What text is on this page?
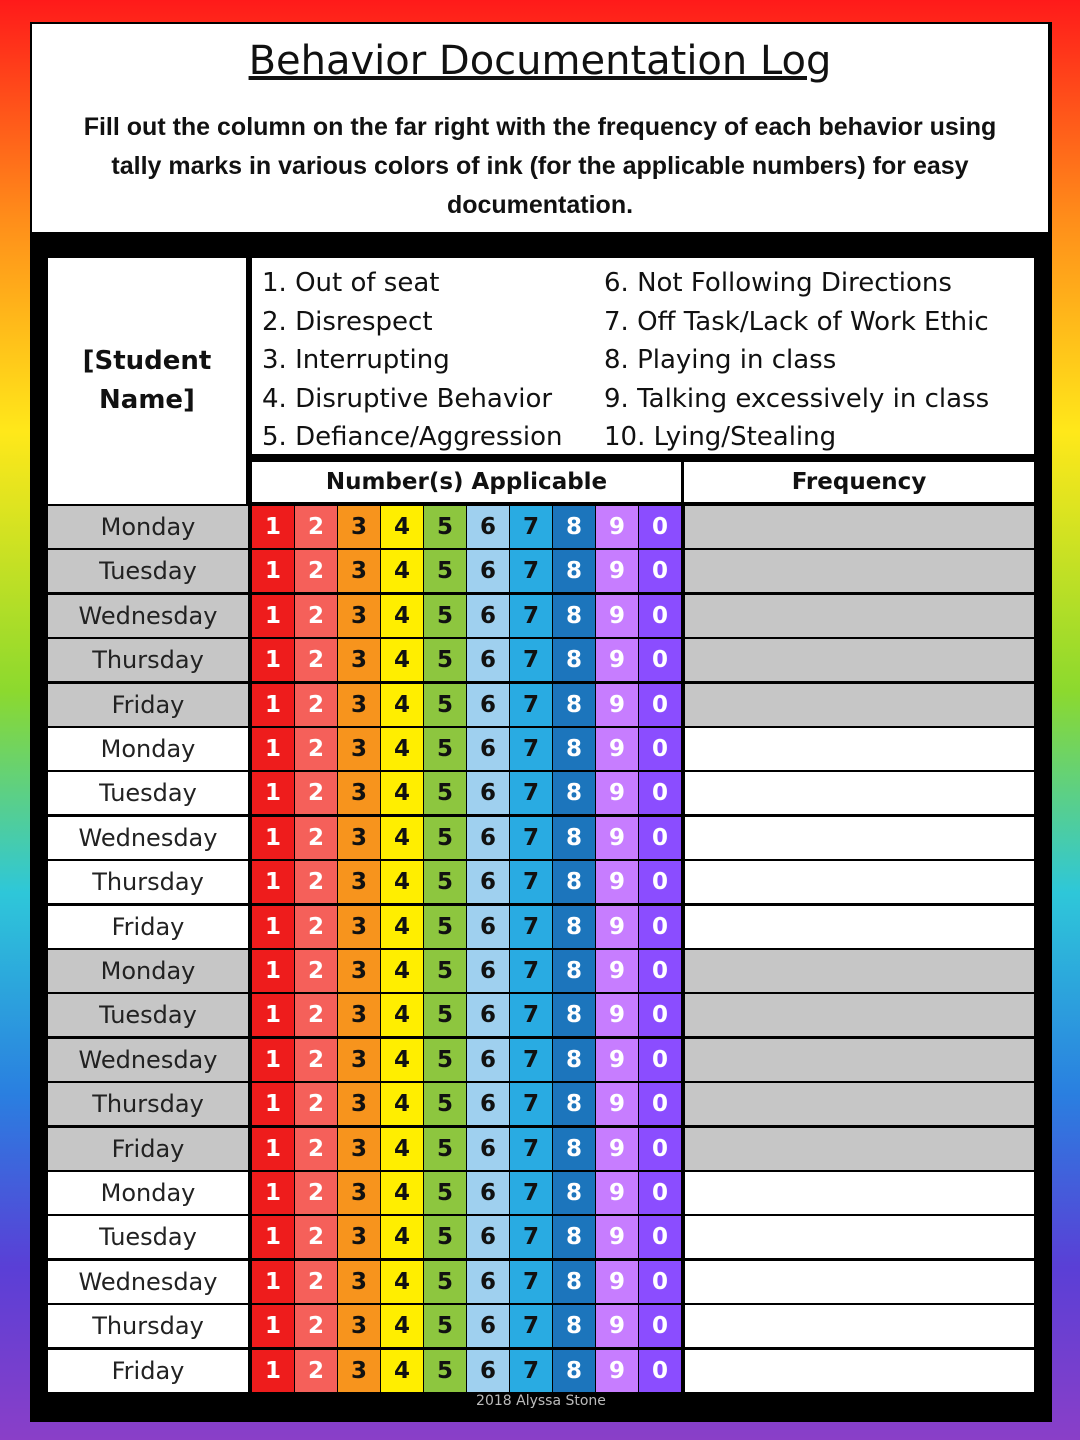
Behavior Documentation Log
Fill out the column on the far right with the frequency of each behavior using tally marks in various colors of ink (for the applicable numbers) for easy documentation.
[Student Name]
1. Out of seat
2. Disrespect
3. Interrupting
4. Disruptive Behavior
5. Defiance/Aggression
6. Not Following Directions
7. Off Task/Lack of Work Ethic
8. Playing in class
9. Talking excessively in class
10. Lying/Stealing
Number(s) Applicable	Frequency
Monday	1	2	3	4	5	6	7	8	9	0
Tuesday	1	2	3	4	5	6	7	8	9	0
Wednesday	1	2	3	4	5	6	7	8	9	0
Thursday	1	2	3	4	5	6	7	8	9	0
Friday	1	2	3	4	5	6	7	8	9	0
Monday	1	2	3	4	5	6	7	8	9	0
Tuesday	1	2	3	4	5	6	7	8	9	0
Wednesday	1	2	3	4	5	6	7	8	9	0
Thursday	1	2	3	4	5	6	7	8	9	0
Friday	1	2	3	4	5	6	7	8	9	0
Monday	1	2	3	4	5	6	7	8	9	0
Tuesday	1	2	3	4	5	6	7	8	9	0
Wednesday	1	2	3	4	5	6	7	8	9	0
Thursday	1	2	3	4	5	6	7	8	9	0
Friday	1	2	3	4	5	6	7	8	9	0
Monday	1	2	3	4	5	6	7	8	9	0
Tuesday	1	2	3	4	5	6	7	8	9	0
Wednesday	1	2	3	4	5	6	7	8	9	0
Thursday	1	2	3	4	5	6	7	8	9	0
Friday	1	2	3	4	5	6	7	8	9	0
2018 Alyssa Stone
